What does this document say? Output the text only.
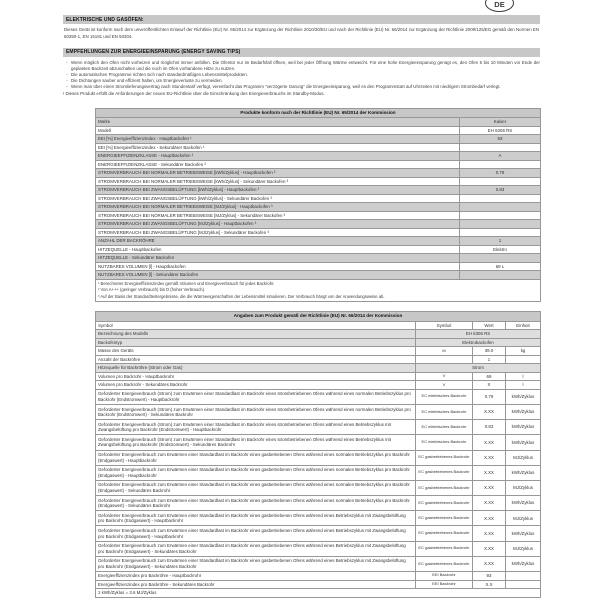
DE
ELEKTRISCHE UND GASÖFEN:
Dieses Gerät ist konform nach dem unveröffentlichten Entwurf der Richtlinie (EU) Nr. 65/2014 zur Ergänzung der Richtlinie 2010/30/EU und nach der Richtlinie (EU) Nr. 66/2014 zur Ergänzung der Richtlinie 2009/125/EG gemäß den Normen EN 60350-1, EN 15181 und EN 50304.
EMPFEHLUNGEN ZUR ENERGIEEINSPARUNG (ENERGY SAVING TIPS)
- Wenn möglich den Ofen nicht vorheizen und möglichst immer anfüllen. Die Ofentür nur im Bedarfsfall öffnen, weil bei jeder Öffnung Wärme entweicht. Für eine hohe Energieeinsparung genügt es, den Ofen 5 bis 10 Minuten vor Ende der geplanten Backzeit abzuschalten und die noch im Ofen vorhandene Hitze zu nutzen.
- Die automatischen Programme richten sich nach standardmäßigen Lebensmittelprodukten.
- Die Dichtungen sauber und effizient halten, um Energieverluste zu vermeiden.
- Wenn man über einen Stromlieferungsvertrag nach Stundentarif verfügt, vereinfacht das Programm "verzögerte Garung" die Energieeinsparung, weil es den Programmstart auf Uhrzeiten mit niedrigem Strombedarf verlegt.
! Dieses Produkt erfüllt die Anforderungen der neuen EU-Richtlinie über die Einschränkung des Energieverbrauchs im Standby-Modus.
Produkte konform nach der Richtlinie (EU) Nr. 65/2014 der Kommission	
Marke	Kaiser
Modell	EH 6306 RS
EEI [%] Energieeffizienzindex - Hauptbackofen ¹	93
EEI [%] Energieeffizienzindex - Sekundärer Backofen ¹	
ENERGIEEFFIZIENZKLASSE - Hauptbackofen ²	A
ENERGIEEFFIZIENZKLASSE - Sekundärer Backofen ²	
STROMVERBRAUCH BEI NORMALER BETRIEBSWEISE [kWh/Zyklus] - Hauptbackofen ³	0.79
STROMVERBRAUCH BEI NORMALER BETRIEBSWEISE [kWh/Zyklus] - Sekundärer Backofen ³	
STROMVERBRAUCH BEI ZWANGSBELÜFTUNG [kWh/Zyklus] - Hauptbackofen ³	0.83
STROMVERBRAUCH BEI ZWANGSBELÜFTUNG [kWh/Zyklus] - Sekundärer Backofen ³	
STROMVERBRAUCH BEI NORMALER BETRIEBSWEISE [MJ/Zyklus] - Hauptbackofen ³	
STROMVERBRAUCH BEI NORMALER BETRIEBSWEISE [MJ/Zyklus] - Sekundärer Backofen ³	
STROMVERBRAUCH BEI ZWANGSBELÜFTUNG [MJ/Zyklus] - Hauptbackofen ³	
STROMVERBRAUCH BEI ZWANGSBELÜFTUNG [MJ/Zyklus] - Sekundärer Backofen ³	
ANZAHL DER BACKRÖHRE	1
HITZEQUELLE - Hauptbackofen	Elektro
HITZEQUELLE - Sekundärer Backofen	
NUTZBARES VOLUMEN [l] - Hauptbackofen	69 L
NUTZBARES VOLUMEN [l] - Sekundärer Backofen	

¹ Berechneter Energieeffizienzindex gemäß Volumen und Energieverbrauch für jedes Backrohr.
² Von A+++ (geringer Verbrauch) bis D (hoher Verbrauch).
³ Auf der Basis der Standardtestergebnisse, die die Wärmeeigenschaften der Lebensmittel simulieren. Der Verbrauch hängt von der Anwendungsweise ab.	
Angaben zum Produkt gemäß der Richtlinie (EU) Nr. 66/2014 der Kommission			
Symbol	Symbol	Wert	Einheit
Bezeichnung des Modells	EH 6306 RS		
Backofentyp	Elektrobackofen		
Masse des Geräts	M	39.0	kg
Anzahl der Backröhre		1	
Hitzequelle für Backröhre (Strom oder Gas)	Strom		
Volumen pro Backrohr - Hauptbackrohr	V	69	l
Volumen pro Backrohr - Sekundäres Backrohr	V	X	l
Geforderter Energieverbrauch (Strom) zum Erwärmen einer Standardlast im Backrohr eines strombetriebenen Ofens während eines normalen Betriebszyklus pro Backrohr (Endstromwert) - Hauptbackrohr	EC elektrisches Backrohr	0.79	kWh/Zyklus
Geforderter Energieverbrauch (Strom) zum Erwärmen einer Standardlast im Backrohr eines strombetriebenen Ofens während eines normalen Betriebszyklus pro Backrohr (Endstromwert) - Sekundäres Backrohr	EC elektrisches Backrohr	X.XX	kWh/Zyklus
Geforderter Energieverbrauch (Strom) zum Erwärmen einer Standardlast im Backrohr eines strombetriebenen Ofens während eines Betriebszyklus mit Zwangsbelüftung pro Backrohr (Endstromwert) - Hauptbackrohr	EC elektrisches Backrohr	0.83	kWh/Zyklus
Geforderter Energieverbrauch (Strom) zum Erwärmen einer Standardlast im Backrohr eines strombetriebenen Ofens während eines Betriebszyklus mit Zwangsbelüftung pro Backrohr (Endstromwert) - Sekundäres Backrohr	EC elektrisches Backrohr	X.XX	kWh/Zyklus
Geforderter Energieverbrauch zum Erwärmen einer Standardlast im Backrohr eines gasbetriebenen Ofens während eines normalen Betriebszyklus pro Backrohr (Endgaswert) - Hauptbackrohr	EC gasbetriebenes Backrohr	X.XX	MJ/Zyklus
Geforderter Energieverbrauch zum Erwärmen einer Standardlast im Backrohr eines gasbetriebenen Ofens während eines normalen Betriebszyklus pro Backrohr (Endgaswert) - Hauptbackrohr	EC gasbetriebenes Backrohr	X.XX	kWh/Zyklus
Geforderter Energieverbrauch zum Erwärmen einer Standardlast im Backrohr eines gasbetriebenen Ofens während eines normalen Betriebszyklus pro Backrohr (Endgaswert) - Sekundäres Backrohr	EC gasbetriebenes Backrohr	X.XX	MJ/Zyklus
Geforderter Energieverbrauch zum Erwärmen einer Standardlast im Backrohr eines gasbetriebenen Ofens während eines normalen Betriebszyklus pro Backrohr (Endgaswert) - Sekundäres Backrohr	EC gasbetriebenes Backrohr	X.XX	kWh/Zyklus
Geforderter Energieverbrauch zum Erwärmen einer Standardlast im Backrohr eines gasbetriebenen Ofens während eines Betriebszyklus mit Zwangsbelüftung pro Backrohr (Endgaswert) - Hauptbackrohr	EC gasbetriebenes Backrohr	X.XX	MJ/Zyklus
Geforderter Energieverbrauch zum Erwärmen einer Standardlast im Backrohr eines gasbetriebenen Ofens während eines Betriebszyklus mit Zwangsbelüftung pro Backrohr (Endgaswert) - Hauptbackrohr	EC gasbetriebenes Backrohr	X.XX	kWh/Zyklus
Geforderter Energieverbrauch zum Erwärmen einer Standardlast im Backrohr eines gasbetriebenen Ofens während eines Betriebszyklus mit Zwangsbelüftung pro Backrohr (Endgaswert) - Sekundäres Backrohr	EC gasbetriebenes Backrohr	X.XX	MJ/Zyklus
Geforderter Energieverbrauch zum Erwärmen einer Standardlast im Backrohr eines gasbetriebenen Ofens während eines Betriebszyklus mit Zwangsbelüftung pro Backrohr (Endgaswert) - Sekundäres Backrohr	EC gasbetriebenes Backrohr	X.XX	kWh/Zyklus
Energieeffizienzindex pro Backröhre - Hauptbackrohr	EEI Backrohr	93	
Energieeffizienzindex pro Backröhre - Sekundäres Backrohr	EEI Backrohr	X.X	
1 kWh/Zyklus = 3.6 MJ/Zyklus			
